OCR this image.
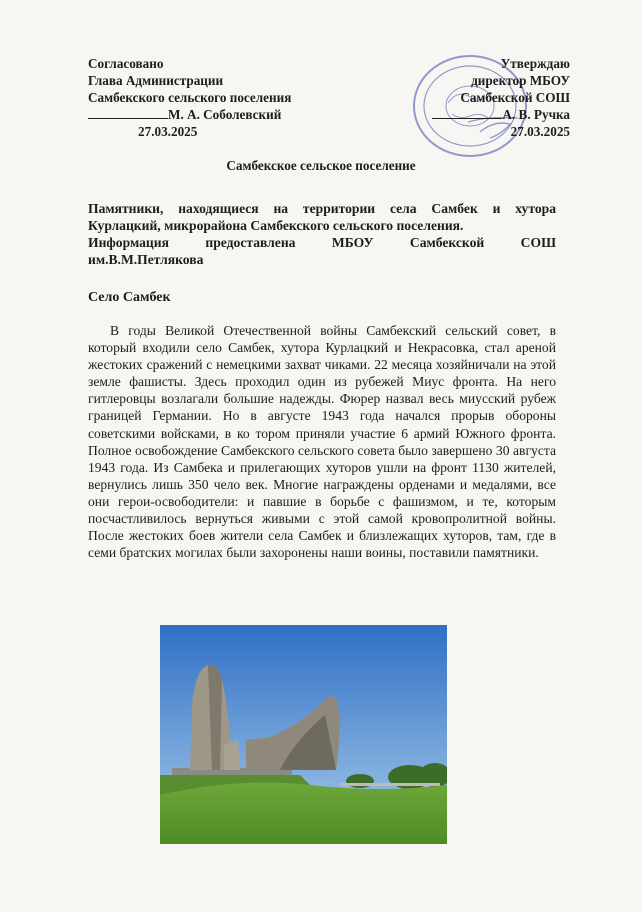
Согласовано
Глава Администрации
Самбекского сельского поселения
М. А. Соболевский
27.03.2025
Утверждаю
директор МБОУ
Самбекской СОШ
А. В. Ручка
27.03.2025
Самбекское сельское поселение
Памятники, находящиеся на территории села Самбек и хутора
Курлацкий, микрорайона Самбекского сельского поселения.
Информация предоставлена МБОУ Самбекской СОШ
им.В.М.Петлякова
Село Самбек
В годы Великой Отечественной войны Самбекский сельский совет, в который входили село Самбек, хутора Курлацкий и Некрасовка, стал ареной жестоких сражений с немецкими захват чиками. 22 месяца хозяйничали на этой земле фашисты. Здесь проходил один из рубежей Миус фронта. На него гитлеровцы возлагали большие надежды. Фюрер назвал весь миусский рубеж границей Германии. Но в августе 1943 года начался прорыв обороны советскими войсками, в ко тором приняли участие 6 армий Южного фронта. Полное освобождение Самбекского сельского совета было завершено 30 августа 1943 года. Из Самбека и прилегающих хуторов ушли на фронт 1130 жителей, вернулись лишь 350 чело век. Многие награждены орденами и медалями, все они герои-освободители: и павшие в борьбе с фашизмом, и те, которым посчастливилось вернуться живыми с этой самой кровопролитной войны. После жестоких боев жители села Самбек и близлежащих хуторов, там, где в семи братских могилах были захоронены наши воины, поставили памятники.
